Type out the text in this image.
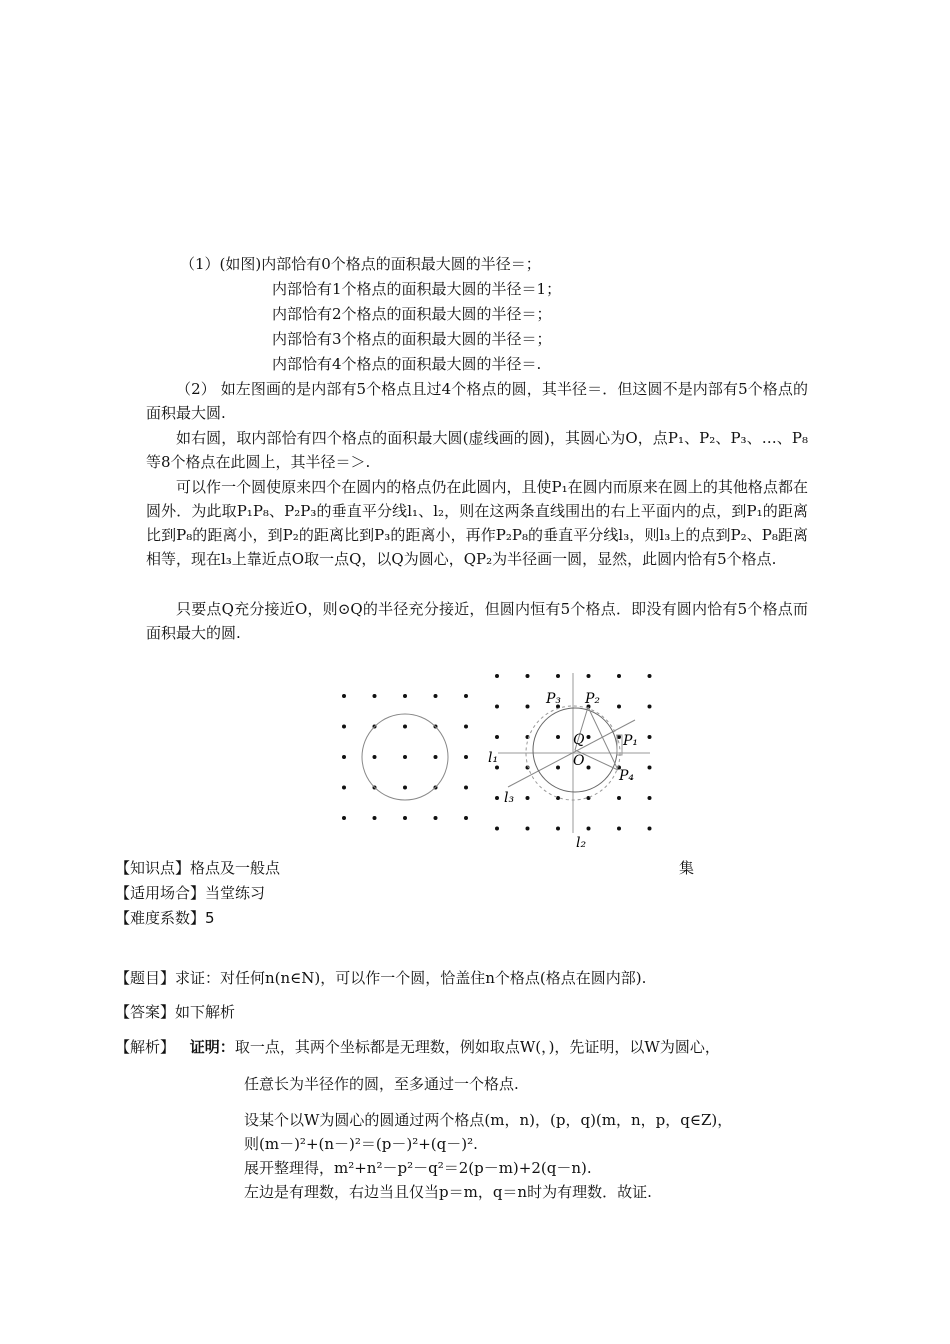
（1）(如图)内部恰有0个格点的面积最大圆的半径＝；
内部恰有1个格点的面积最大圆的半径＝1；
内部恰有2个格点的面积最大圆的半径＝；
内部恰有3个格点的面积最大圆的半径＝；
内部恰有4个格点的面积最大圆的半径＝.
（2） 如左图画的是内部有5个格点且过4个格点的圆，其半径＝．但这圆不是内部有5个格点的面积最大圆.
如右圆，取内部恰有四个格点的面积最大圆(虚线画的圆)，其圆心为O，点P₁、P₂、P₃、…、P₈等8个格点在此圆上，其半径＝＞.
可以作一个圆使原来四个在圆内的格点仍在此圆内，且使P₁在圆内而原来在圆上的其他格点都在圆外．为此取P₁P₈、P₂P₃的垂直平分线l₁、l₂，则在这两条直线围出的右上平面内的点，到P₁的距离比到P₈的距离小，到P₂的距离比到P₃的距离小，再作P₂P₈的垂直平分线l₃，则l₃上的点到P₂、P₈距离相等，现在l₃上靠近点O取一点Q，以Q为圆心，QP₂为半径画一圆，显然，此圆内恰有5个格点.
只要点Q充分接近O，则⊙Q的半径充分接近，但圆内恒有5个格点．即没有圆内恰有5个格点而面积最大的圆.
P₃ P₂
P₁
P₄
Q
O
l₁
l₂
l₃
【知识点】格点及一般点	集
【适用场合】当堂练习
【难度系数】5
【题目】求证：对任何n(n∈N)，可以作一个圆，恰盖住n个格点(格点在圆内部).
【答案】如下解析
【解析】 证明：取一点，其两个坐标都是无理数，例如取点W(，)，先证明，以W为圆心，
任意长为半径作的圆，至多通过一个格点.
设某个以W为圆心的圆通过两个格点(m，n)，(p，q)(m，n，p，q∈Z)，
则(m－)²+(n－)²＝(p－)²+(q－)².
展开整理得，m²+n²－p²－q²＝2(p－m)+2(q－n).
左边是有理数，右边当且仅当p＝m，q＝n时为有理数．故证.
